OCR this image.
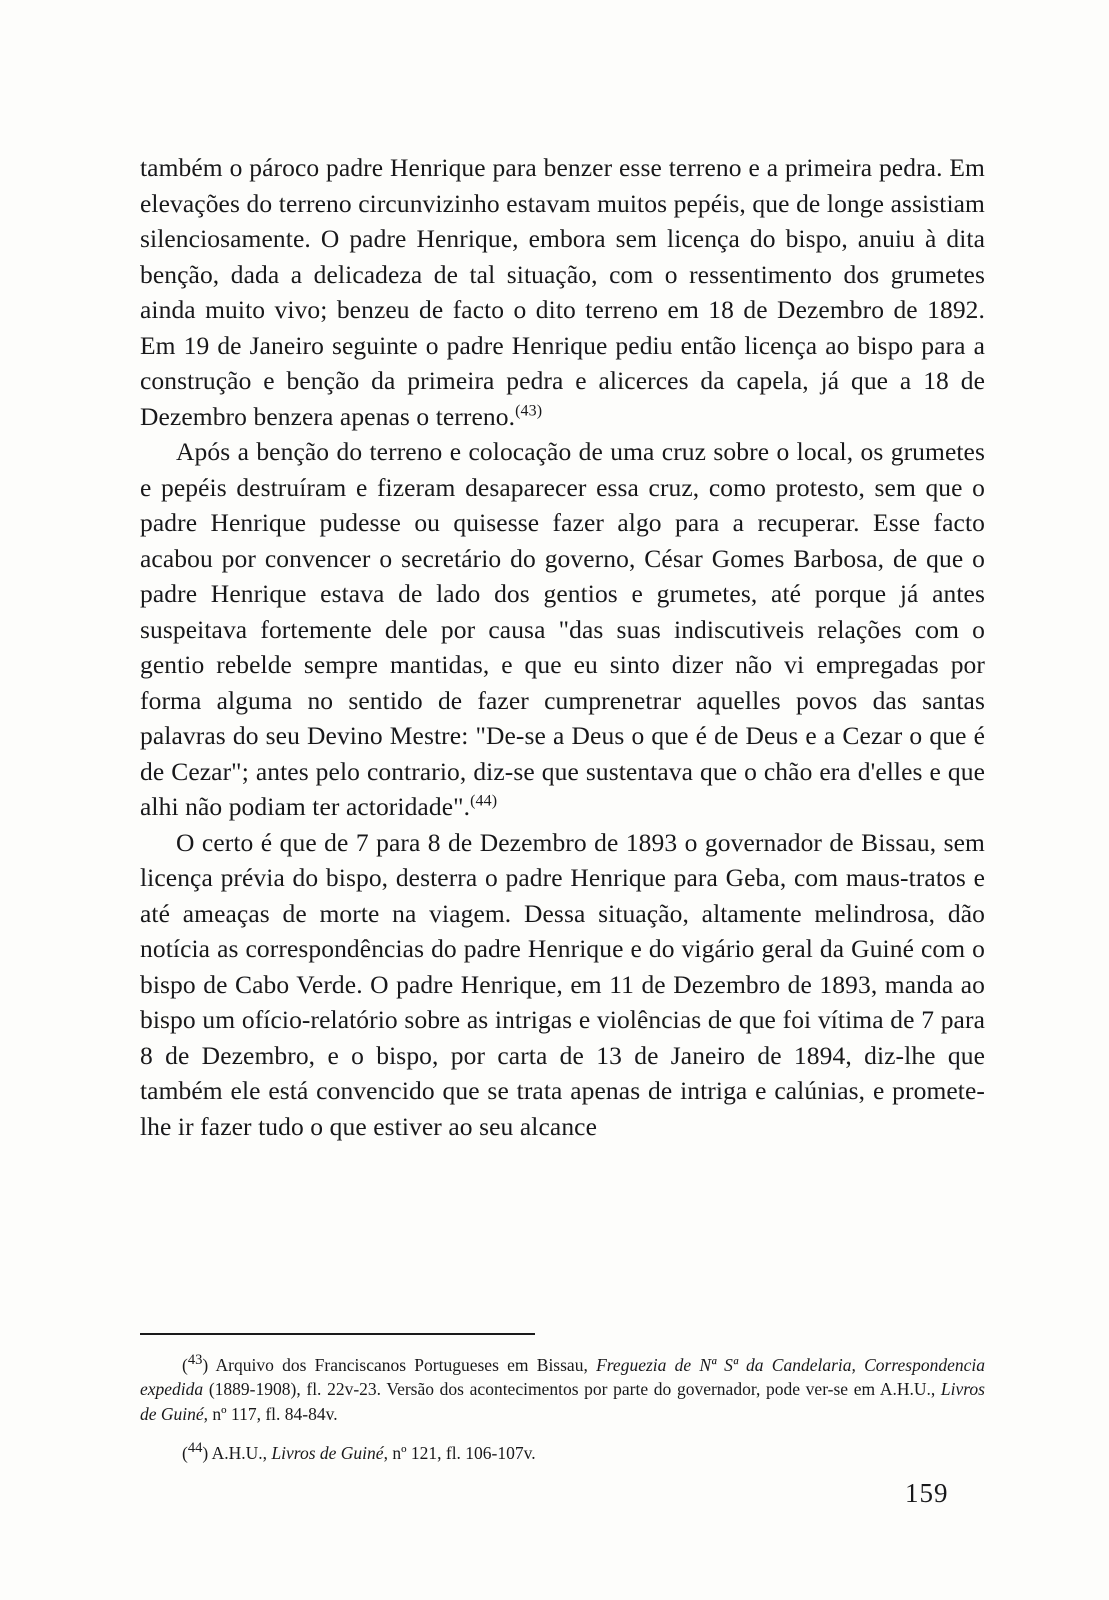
também o pároco padre Henrique para benzer esse terreno e a primeira pedra. Em elevações do terreno circunvizinho estavam muitos pepéis, que de longe assistiam silenciosamente. O padre Henrique, embora sem licença do bispo, anuiu à dita benção, dada a delicadeza de tal situação, com o ressentimento dos grumetes ainda muito vivo; benzeu de facto o dito terreno em 18 de Dezembro de 1892. Em 19 de Janeiro seguinte o padre Henrique pediu então licença ao bispo para a construção e benção da primeira pedra e alicerces da capela, já que a 18 de Dezembro benzera apenas o terreno.$^{(43)}$

Após a benção do terreno e colocação de uma cruz sobre o local, os grumetes e pepéis destruíram e fizeram desaparecer essa cruz, como protesto, sem que o padre Henrique pudesse ou quisesse fazer algo para a recuperar. Esse facto acabou por convencer o secretário do governo, César Gomes Barbosa, de que o padre Henrique estava de lado dos gentios e grumetes, até porque já antes suspeitava fortemente dele por causa "das suas indiscutiveis relações com o gentio rebelde sempre mantidas, e que eu sinto dizer não vi empregadas por forma alguma no sentido de fazer cumprenetrar aquelles povos das santas palavras do seu Devino Mestre: "De-se a Deus o que é de Deus e a Cezar o que é de Cezar"; antes pelo contrario, diz-se que sustentava que o chão era d'elles e que alhi não podiam ter actoridade".$^{(44)}$

O certo é que de 7 para 8 de Dezembro de 1893 o governador de Bissau, sem licença prévia do bispo, desterra o padre Henrique para Geba, com maus-tratos e até ameaças de morte na viagem. Dessa situação, altamente melindrosa, dão notícia as correspondências do padre Henrique e do vigário geral da Guiné com o bispo de Cabo Verde. O padre Henrique, em 11 de Dezembro de 1893, manda ao bispo um ofício-relatório sobre as intrigas e violências de que foi vítima de 7 para 8 de Dezembro, e o bispo, por carta de 13 de Janeiro de 1894, diz-lhe que também ele está convencido que se trata apenas de intriga e calúnias, e promete-lhe ir fazer tudo o que estiver ao seu alcance

($^{43}$) Arquivo dos Franciscanos Portugueses em Bissau, Freguezia de Nª Sª da Candelaria, Correspondencia expedida (1889-1908), fl. 22v-23. Versão dos acontecimentos por parte do governador, pode ver-se em A.H.U., Livros de Guiné, nº 117, fl. 84-84v.

($^{44}$) A.H.U., Livros de Guiné, nº 121, fl. 106-107v.

159
